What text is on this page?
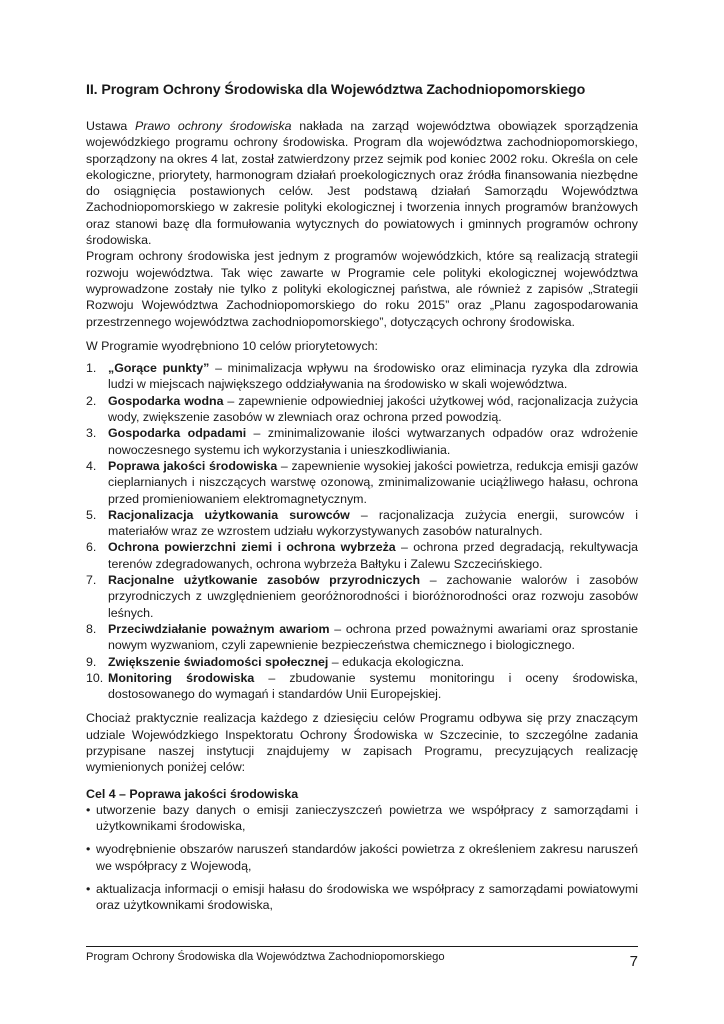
II. Program Ochrony Środowiska dla Województwa Zachodniopomorskiego

Ustawa Prawo ochrony środowiska nakłada na zarząd województwa obowiązek sporządzenia wojewódzkiego programu ochrony środowiska. Program dla województwa zachodniopomorskiego, sporządzony na okres 4 lat, został zatwierdzony przez sejmik pod koniec 2002 roku. Określa on cele ekologiczne, priorytety, harmonogram działań proekologicznych oraz źródła finansowania niezbędne do osiągnięcia postawionych celów. Jest podstawą działań Samorządu Województwa Zachodniopomorskiego w zakresie polityki ekologicznej i tworzenia innych programów branżowych oraz stanowi bazę dla formułowania wytycznych do powiatowych i gminnych programów ochrony środowiska.

Program ochrony środowiska jest jednym z programów wojewódzkich, które są realizacją strategii rozwoju województwa. Tak więc zawarte w Programie cele polityki ekologicznej województwa wyprowadzone zostały nie tylko z polityki ekologicznej państwa, ale również z zapisów „Strategii Rozwoju Województwa Zachodniopomorskiego do roku 2015” oraz „Planu zagospodarowania przestrzennego województwa zachodniopomorskiego”, dotyczących ochrony środowiska.

W Programie wyodrębniono 10 celów priorytetowych:

1. „Gorące punkty” – minimalizacja wpływu na środowisko oraz eliminacja ryzyka dla zdrowia ludzi w miejscach największego oddziaływania na środowisko w skali województwa.
2. Gospodarka wodna – zapewnienie odpowiedniej jakości użytkowej wód, racjonalizacja zużycia wody, zwiększenie zasobów w zlewniach oraz ochrona przed powodzią.
3. Gospodarka odpadami – zminimalizowanie ilości wytwarzanych odpadów oraz wdrożenie nowoczesnego systemu ich wykorzystania i unieszkodliwiania.
4. Poprawa jakości środowiska – zapewnienie wysokiej jakości powietrza, redukcja emisji gazów cieplarnianych i niszczących warstwę ozonową, zminimalizowanie uciążliwego hałasu, ochrona przed promieniowaniem elektromagnetycznym.
5. Racjonalizacja użytkowania surowców – racjonalizacja zużycia energii, surowców i materiałów wraz ze wzrostem udziału wykorzystywanych zasobów naturalnych.
6. Ochrona powierzchni ziemi i ochrona wybrzeża – ochrona przed degradacją, rekultywacja terenów zdegradowanych, ochrona wybrzeża Bałtyku i Zalewu Szczecińskiego.
7. Racjonalne użytkowanie zasobów przyrodniczych – zachowanie walorów i zasobów przyrodniczych z uwzględnieniem georóżnorodności i bioróżnorodności oraz rozwoju zasobów leśnych.
8. Przeciwdziałanie poważnym awariom – ochrona przed poważnymi awariami oraz sprostanie nowym wyzwaniom, czyli zapewnienie bezpieczeństwa chemicznego i biologicznego.
9. Zwiększenie świadomości społecznej – edukacja ekologiczna.
10. Monitoring środowiska – zbudowanie systemu monitoringu i oceny środowiska, dostosowanego do wymagań i standardów Unii Europejskiej.

Chociaż praktycznie realizacja każdego z dziesięciu celów Programu odbywa się przy znaczącym udziale Wojewódzkiego Inspektoratu Ochrony Środowiska w Szczecinie, to szczególne zadania przypisane naszej instytucji znajdujemy w zapisach Programu, precyzujących realizację wymienionych poniżej celów:

Cel 4 – Poprawa jakości środowiska
• utworzenie bazy danych o emisji zanieczyszczeń powietrza we współpracy z samorządami i użytkownikami środowiska,
• wyodrębnienie obszarów naruszeń standardów jakości powietrza z określeniem zakresu naruszeń we współpracy z Wojewodą,
• aktualizacja informacji o emisji hałasu do środowiska we współpracy z samorządami powiatowymi oraz użytkownikami środowiska,
Program Ochrony Środowiska dla Województwa Zachodniopomorskiego	7
